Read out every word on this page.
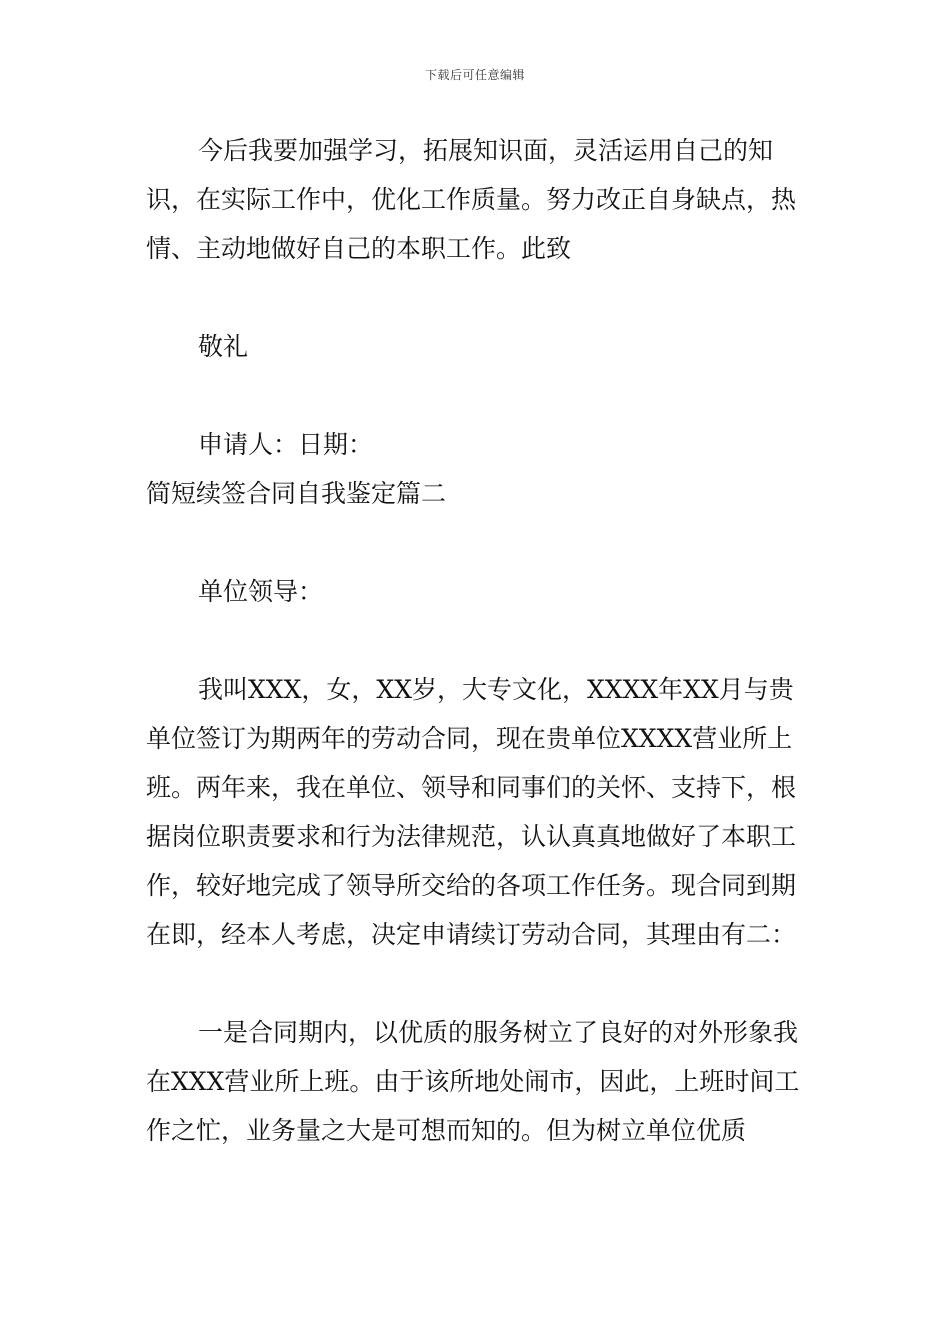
下载后可任意编辑

今后我要加强学习，拓展知识面，灵活运用自己的知识，在实际工作中，优化工作质量。努力改正自身缺点，热情、主动地做好自己的本职工作。此致

敬礼

申请人：日期：

简短续签合同自我鉴定篇二

单位领导：

我叫XXX，女，XX岁，大专文化，XXXX年XX月与贵单位签订为期两年的劳动合同，现在贵单位XXXX营业所上班。两年来，我在单位、领导和同事们的关怀、支持下，根据岗位职责要求和行为法律规范，认认真真地做好了本职工作，较好地完成了领导所交给的各项工作任务。现合同到期在即，经本人考虑，决定申请续订劳动合同，其理由有二：

一是合同期内，以优质的服务树立了良好的对外形象我在XXX营业所上班。由于该所地处闹市，因此，上班时间工作之忙，业务量之大是可想而知的。但为树立单位优质
